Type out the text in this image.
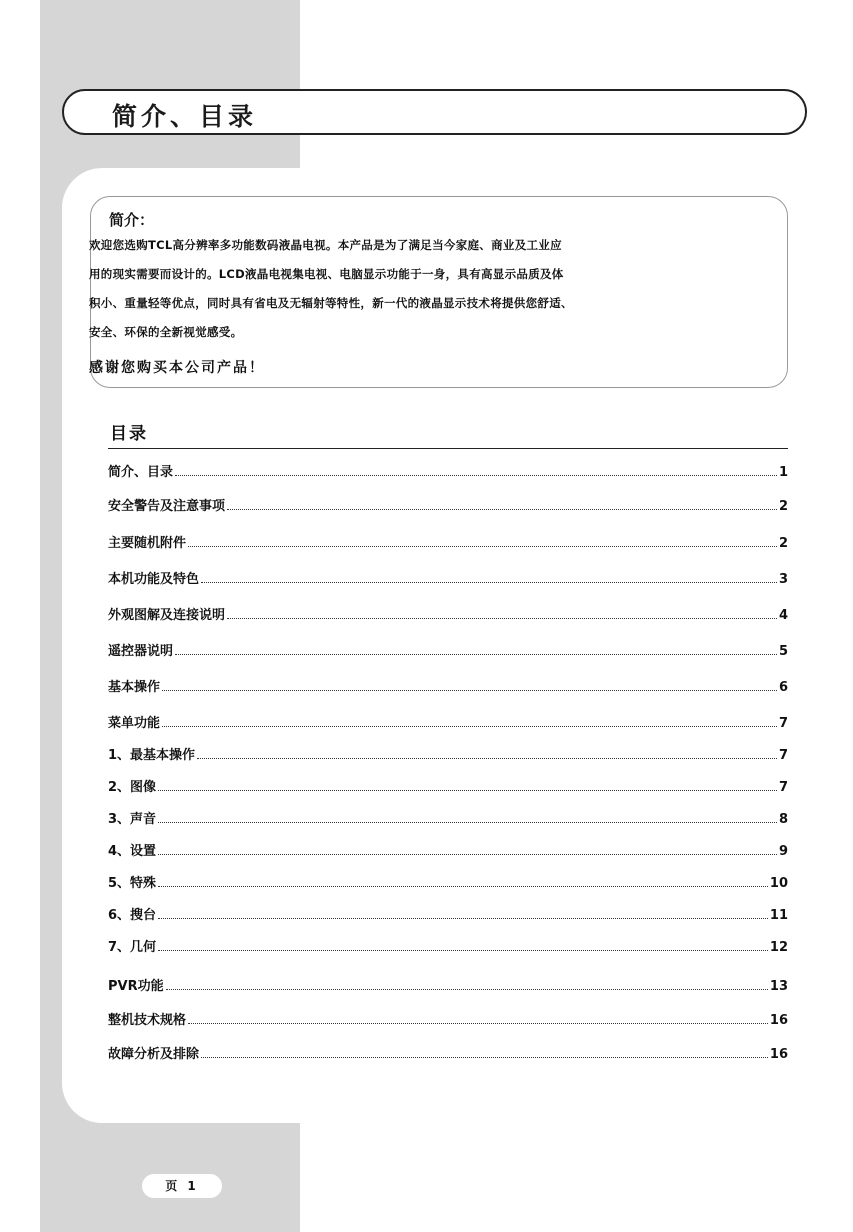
简介、目录
简介：
欢迎您选购TCL高分辨率多功能数码液晶电视。本产品是为了满足当今家庭、商业及工业应
用的现实需要而设计的。LCD液晶电视集电视、电脑显示功能于一身，具有高显示品质及体
积小、重量轻等优点，同时具有省电及无辐射等特性，新一代的液晶显示技术将提供您舒适、
安全、环保的全新视觉感受。
感谢您购买本公司产品！
目录
简介、目录	1
安全警告及注意事项	2
主要随机附件	2
本机功能及特色	3
外观图解及连接说明	4
遥控器说明	5
基本操作	6
菜单功能	7
1、最基本操作	7
2、图像	7
3、声音	8
4、设置	9
5、特殊	10
6、搜台	11
7、几何	12
PVR功能	13
整机技术规格	16
故障分析及排除	16
页 1
